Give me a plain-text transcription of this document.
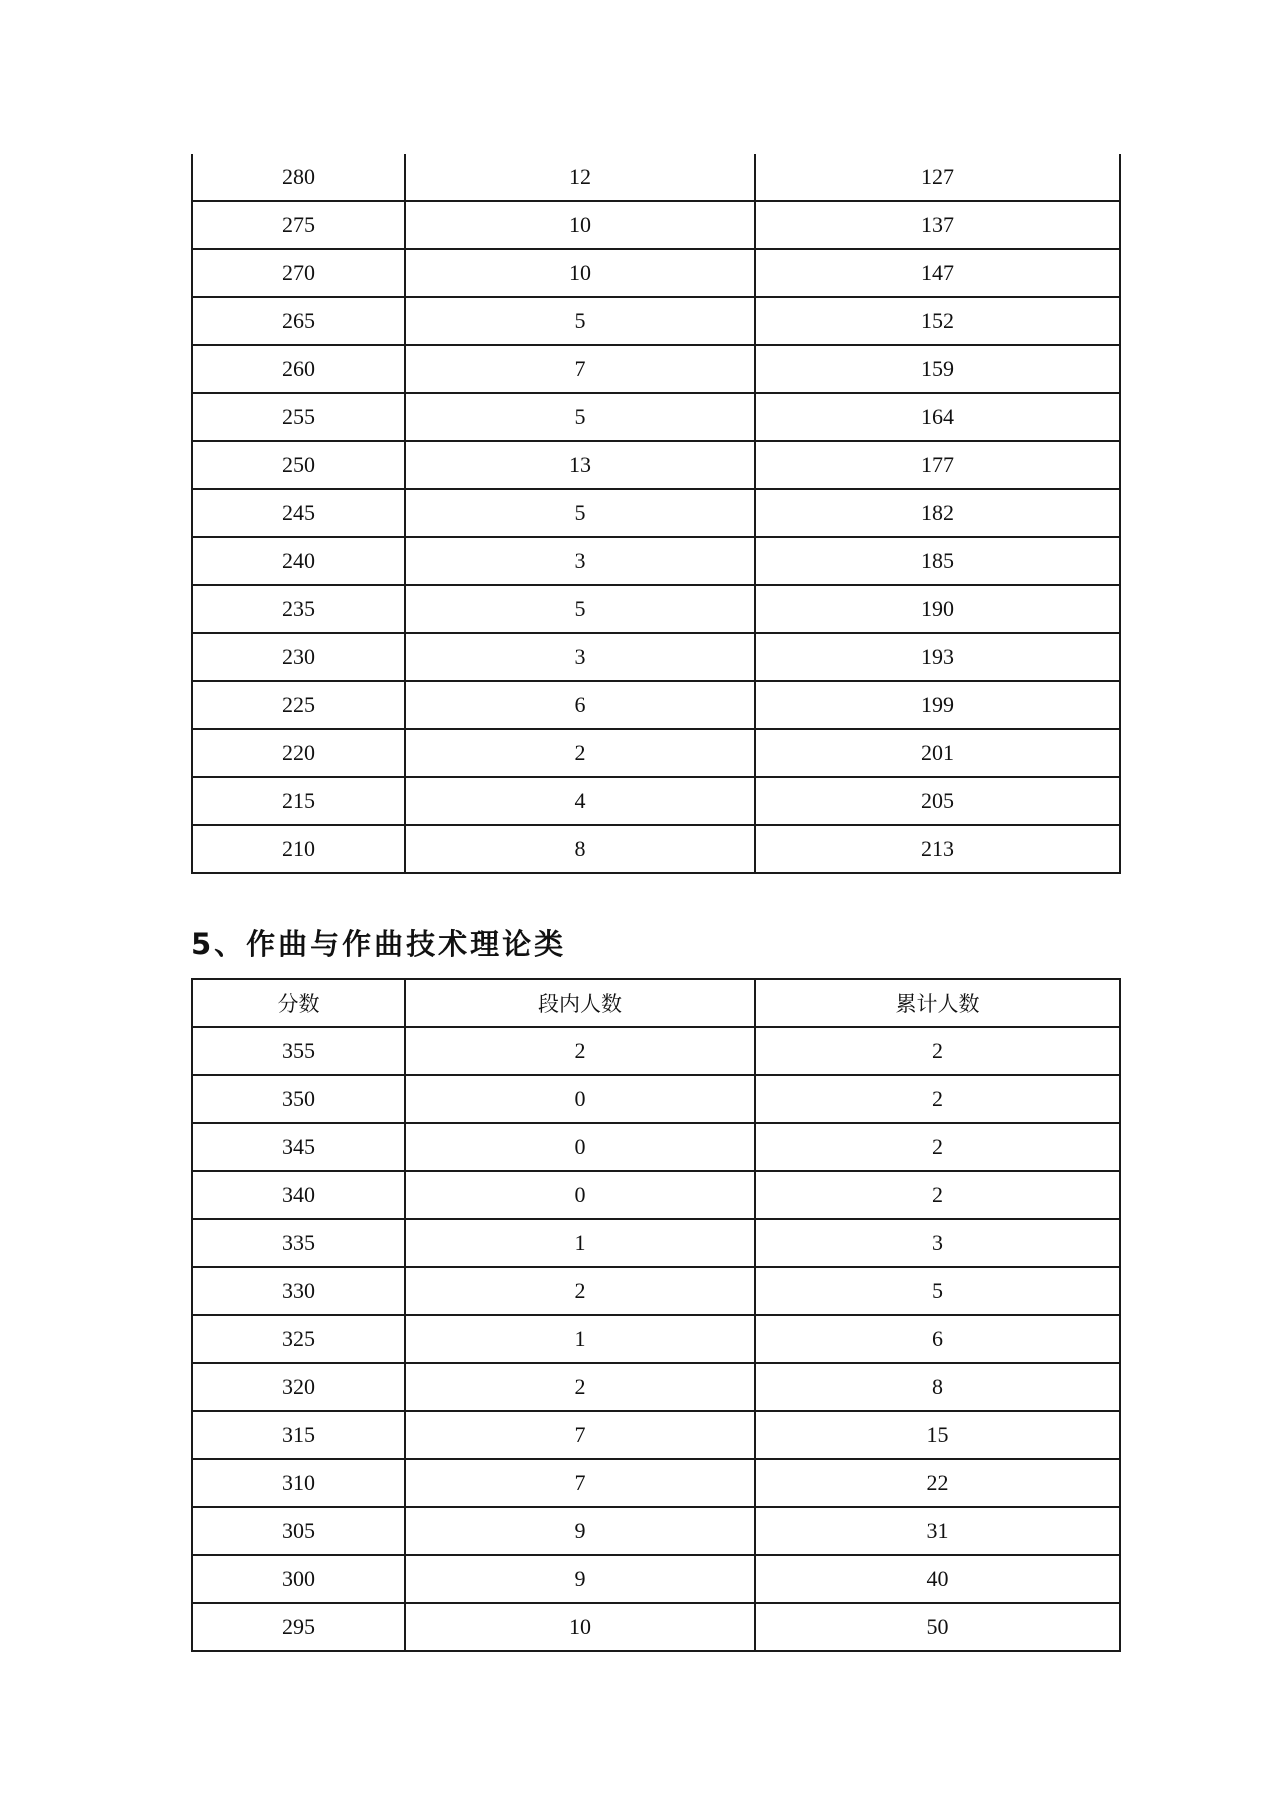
280	12	127
275	10	137
270	10	147
265	5	152
260	7	159
255	5	164
250	13	177
245	5	182
240	3	185
235	5	190
230	3	193
225	6	199
220	2	201
215	4	205
210	8	213
5、作曲与作曲技术理论类
分数	段内人数	累计人数
355	2	2
350	0	2
345	0	2
340	0	2
335	1	3
330	2	5
325	1	6
320	2	8
315	7	15
310	7	22
305	9	31
300	9	40
295	10	50
